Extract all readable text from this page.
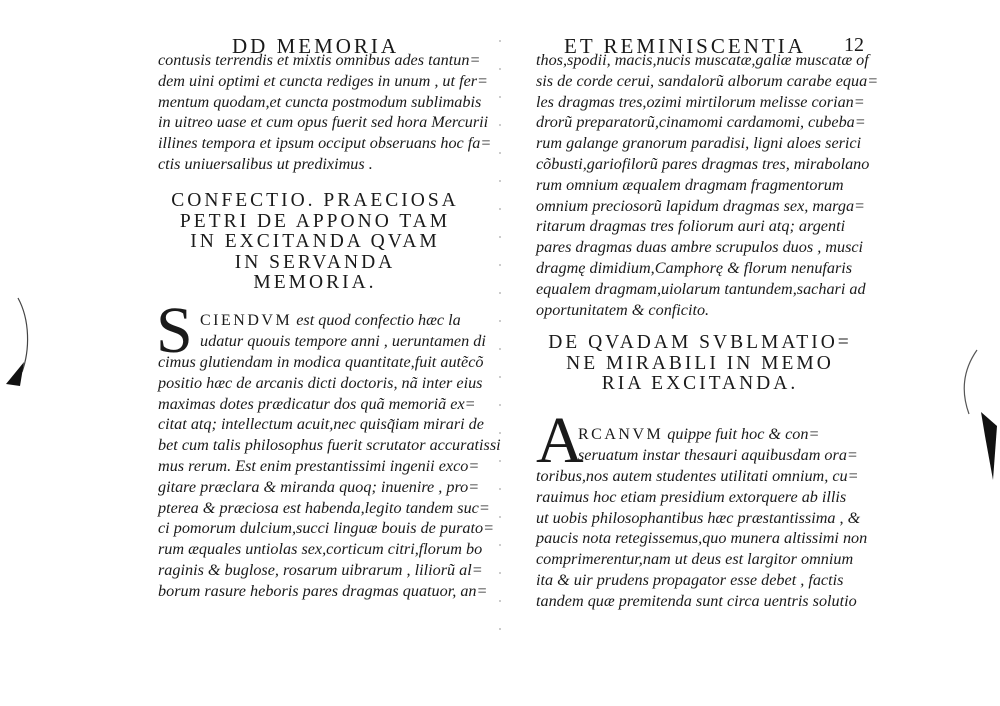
DD MEMORIA
contusis terrendis et mixtis omnibus ades tantun=
dem uini optimi et cuncta rediges in unum , ut fer=
mentum quodam,et cuncta postmodum sublimabis
in uitreo uase et cum opus fuerit sed hora Mercurii
illines tempora et ipsum occiput obseruans hoc fa=
ctis uniuersalibus ut prediximus .
CONFECTIO. PRAECIOSA
PETRI DE APPONO TAM
IN EXCITANDA QVAM
IN SERVANDA
MEMORIA.
S CIENDVM est quod confectio hæc la
udatur quouis tempore anni , ueruntamen di
cimus glutiendam in modica quantitate,fuit autẽcõ
positio hæc de arcanis dicti doctoris, nã inter eius
maximas dotes prædicatur dos quã memoriã ex=
citat atq; intellectum acuit,nec quisq̃iam mirari de
bet cum talis philosophus fuerit scrutator accuratissi
mus rerum. Est enim prestantissimi ingenii exco=
gitare præclara & miranda quoq; inuenire , pro=
pterea & præciosa est habenda,legito tandem suc=
ci pomorum dulcium,succi linguæ bouis de purato=
rum æquales untiolas sex,corticum citri,florum bo
raginis & buglose, rosarum uibrarum , liliorũ al=
borum rasure heboris pares dragmas quatuor, an=
ET REMINISCENTIA 12
thos,spodii, macis,nucis muscatæ,galiæ muscatæ of
sis de corde cerui, sandalorũ alborum carabe equa=
les dragmas tres,ozimi mirtilorum melisse corian=
drorũ preparatorũ,cinamomi cardamomi, cubeba=
rum galange granorum paradisi, ligni aloes serici
cõbusti,gariofilorũ pares dragmas tres, mirabolano
rum omnium æqualem dragmam fragmentorum
omnium preciosorũ lapidum dragmas sex, marga=
ritarum dragmas tres foliorum auri atq; argenti
pares dragmas duas ambre scrupulos duos , musci
dragmę dimidium,Camphorę & florum nenufaris
equalem dragmam,uiolarum tantundem,sachari ad
oportunitatem & conficito.
DE QVADAM SVBLMATIO=
NE MIRABILI IN MEMO
RIA EXCITANDA.
A
RCANVM quippe fuit hoc & con=
seruatum instar thesauri aquibusdam ora=
toribus,nos autem studentes utilitati omnium, cu=
rauimus hoc etiam presidium extorquere ab illis
ut uobis philosophantibus hæc præstantissima , &
paucis nota retegissemus,quo munera altissimi non
comprimerentur,nam ut deus est largitor omnium
ita & uir prudens propagator esse debet , factis
tandem quæ premitenda sunt circa uentris solutio
